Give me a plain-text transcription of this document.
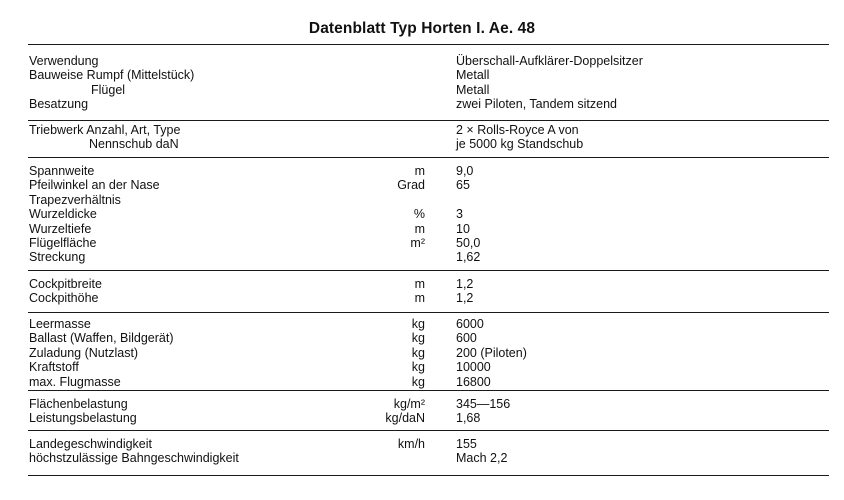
Datenblatt Typ Horten I. Ae. 48
Verwendung	Überschall-Aufklärer-Doppelsitzer
Bauweise Rumpf (Mittelstück)	Metall
Flügel	Metall
Besatzung	zwei Piloten, Tandem sitzend
Triebwerk Anzahl, Art, Type	2 × Rolls-Royce A von
Nennschub daN	je 5000 kg Standschub
Spannweite	m 9,0
Pfeilwinkel an der Nase	Grad 65
Trapezverhältnis
Wurzeldicke	% 3
Wurzeltiefe	m 10
Flügelfläche	m² 50,0
Streckung	1,62
Cockpitbreite	m 1,2
Cockpithöhe	m 1,2
Leermasse	kg 6000
Ballast (Waffen, Bildgerät)	kg 600
Zuladung (Nutzlast)	kg 200 (Piloten)
Kraftstoff	kg 10000
max. Flugmasse	kg 16800
Flächenbelastung	kg/m² 345—156
Leistungsbelastung	kg/daN 1,68
Landegeschwindigkeit	km/h 155
höchstzulässige Bahngeschwindigkeit	Mach 2,2
